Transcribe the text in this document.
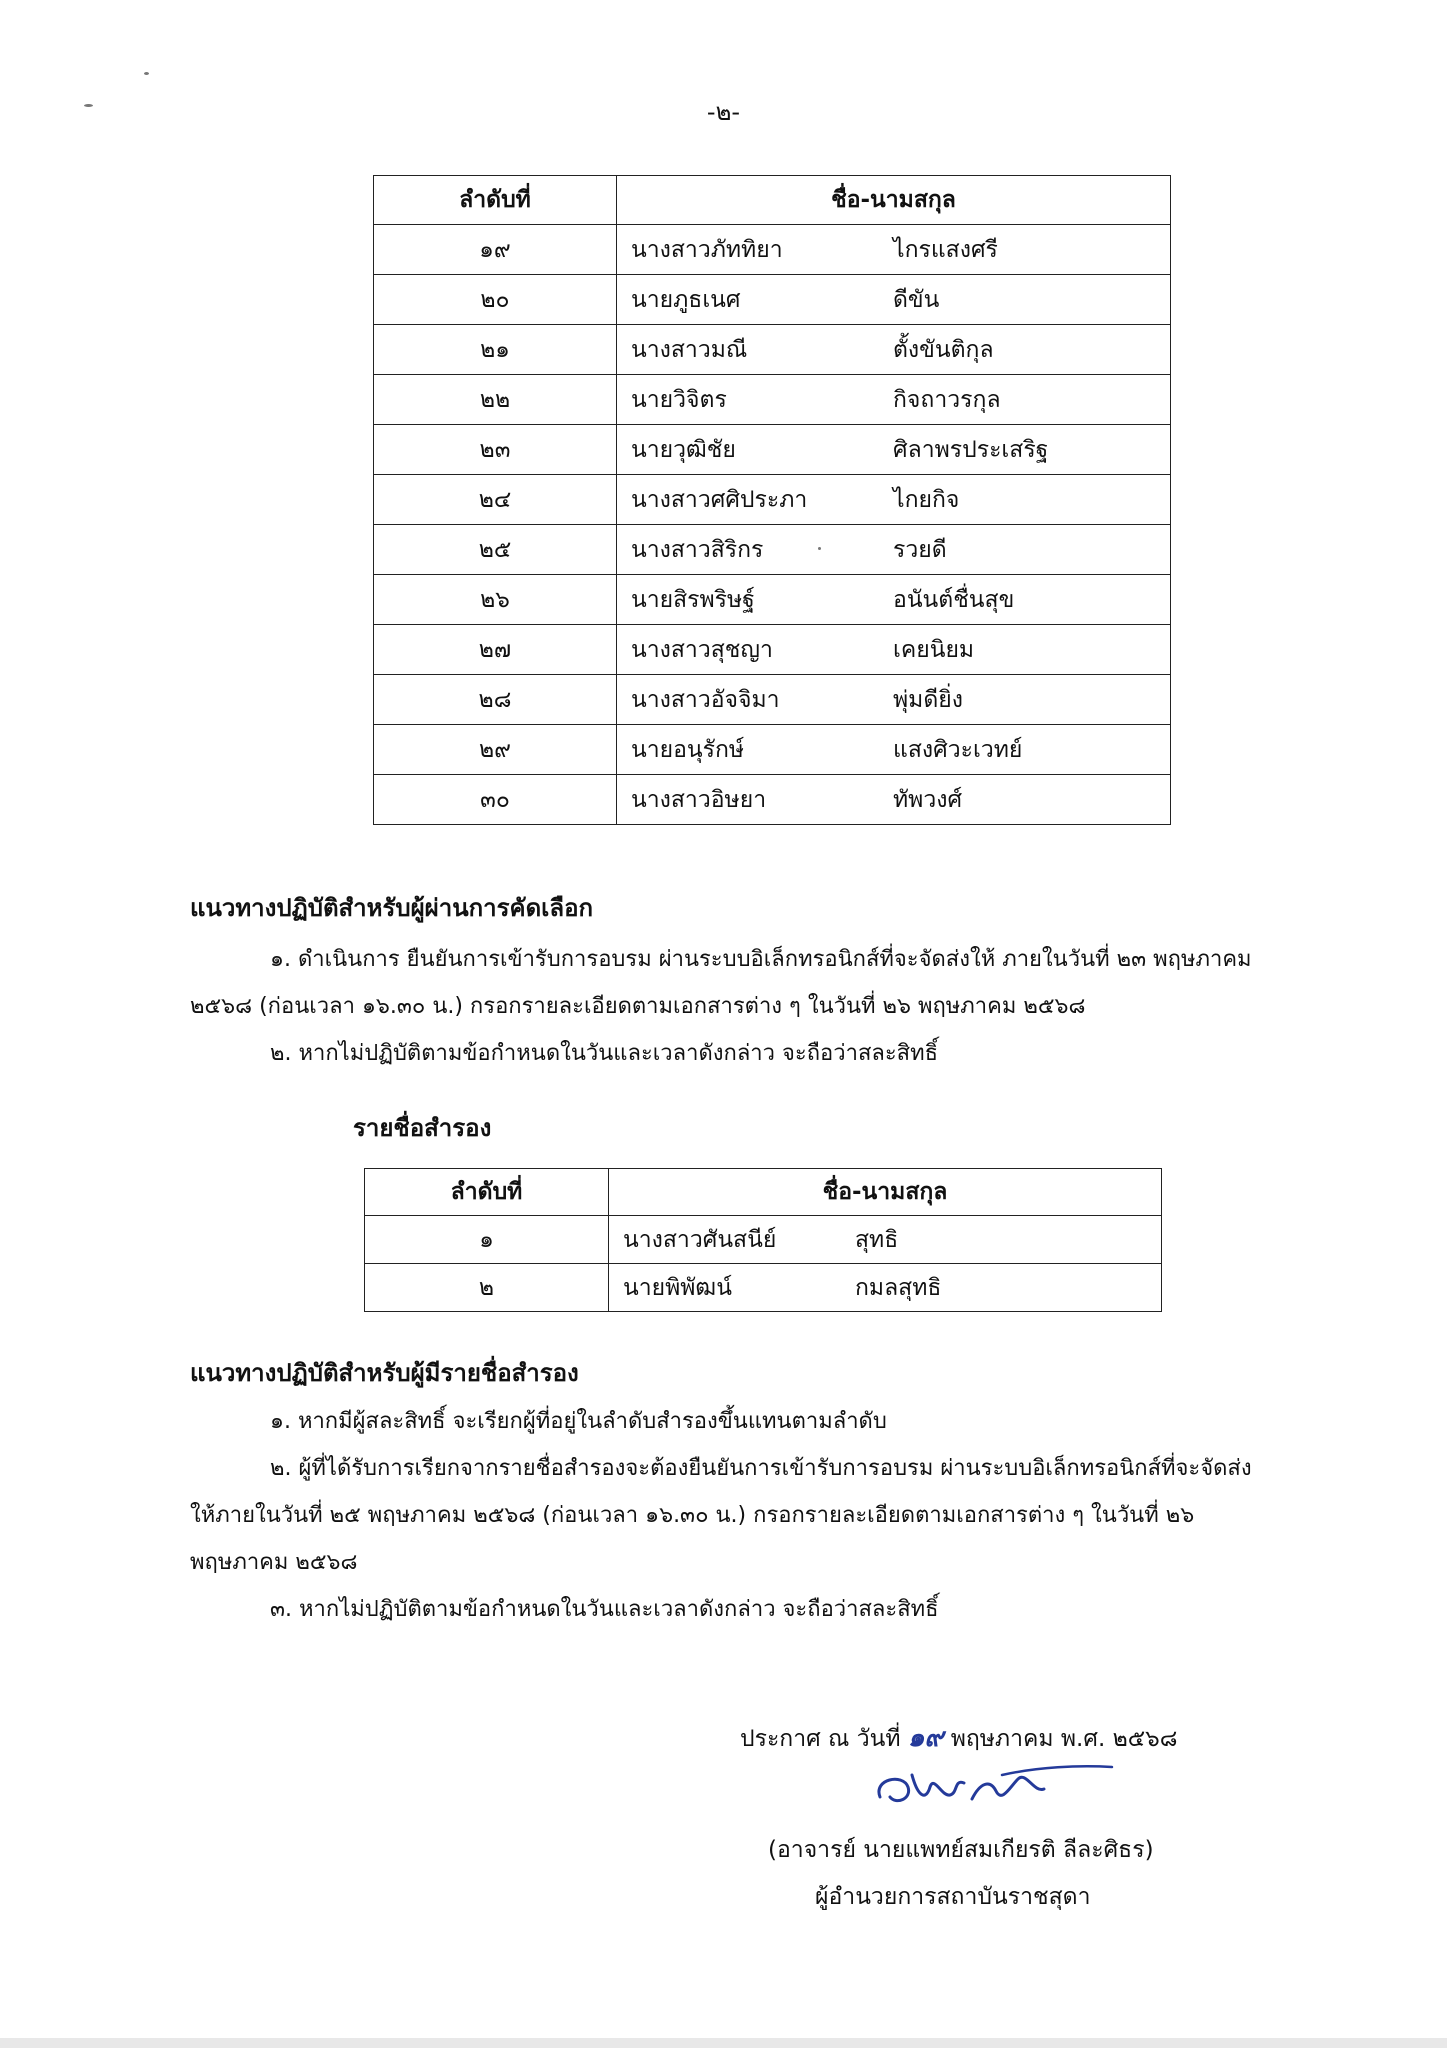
-๒-
ลำดับที่	ชื่อ-นามสกุล
๑๙	นางสาวภัททิยา ไกรแสงศรี
๒๐	นายภูธเนศ ดีขัน
๒๑	นางสาวมณี ตั้งขันติกุล
๒๒	นายวิจิตร กิจถาวรกุล
๒๓	นายวุฒิชัย ศิลาพรประเสริฐ
๒๔	นางสาวศศิประภา ไกยกิจ
๒๕	นางสาวสิริกร รวยดี
๒๖	นายสิรพริษฐ์ อนันต์ชื่นสุข
๒๗	นางสาวสุชญา เคยนิยม
๒๘	นางสาวอัจจิมา พุ่มดียิ่ง
๒๙	นายอนุรักษ์ แสงศิวะเวทย์
๓๐	นางสาวอิษยา ทัพวงศ์
แนวทางปฏิบัติสำหรับผู้ผ่านการคัดเลือก

๑. ดำเนินการ ยืนยันการเข้ารับการอบรม ผ่านระบบอิเล็กทรอนิกส์ที่จะจัดส่งให้ ภายในวันที่ ๒๓ พฤษภาคม

๒๕๖๘ (ก่อนเวลา ๑๖.๓๐ น.) กรอกรายละเอียดตามเอกสารต่าง ๆ ในวันที่ ๒๖ พฤษภาคม ๒๕๖๘

๒. หากไม่ปฏิบัติตามข้อกำหนดในวันและเวลาดังกล่าว จะถือว่าสละสิทธิ์

รายชื่อสำรอง
ลำดับที่	ชื่อ-นามสกุล
๑	นางสาวศันสนีย์ สุทธิ
๒	นายพิพัฒน์ กมลสุทธิ
แนวทางปฏิบัติสำหรับผู้มีรายชื่อสำรอง

๑. หากมีผู้สละสิทธิ์ จะเรียกผู้ที่อยู่ในลำดับสำรองขึ้นแทนตามลำดับ

๒. ผู้ที่ได้รับการเรียกจากรายชื่อสำรองจะต้องยืนยันการเข้ารับการอบรม ผ่านระบบอิเล็กทรอนิกส์ที่จะจัดส่ง

ให้ภายในวันที่ ๒๕ พฤษภาคม ๒๕๖๘ (ก่อนเวลา ๑๖.๓๐ น.) กรอกรายละเอียดตามเอกสารต่าง ๆ ในวันที่ ๒๖

พฤษภาคม ๒๕๖๘

๓. หากไม่ปฏิบัติตามข้อกำหนดในวันและเวลาดังกล่าว จะถือว่าสละสิทธิ์

ประกาศ ณ วันที่ ๑๙ พฤษภาคม พ.ศ. ๒๕๖๘
(อาจารย์ นายแพทย์สมเกียรติ ลีละศิธร)
ผู้อำนวยการสถาบันราชสุดา
